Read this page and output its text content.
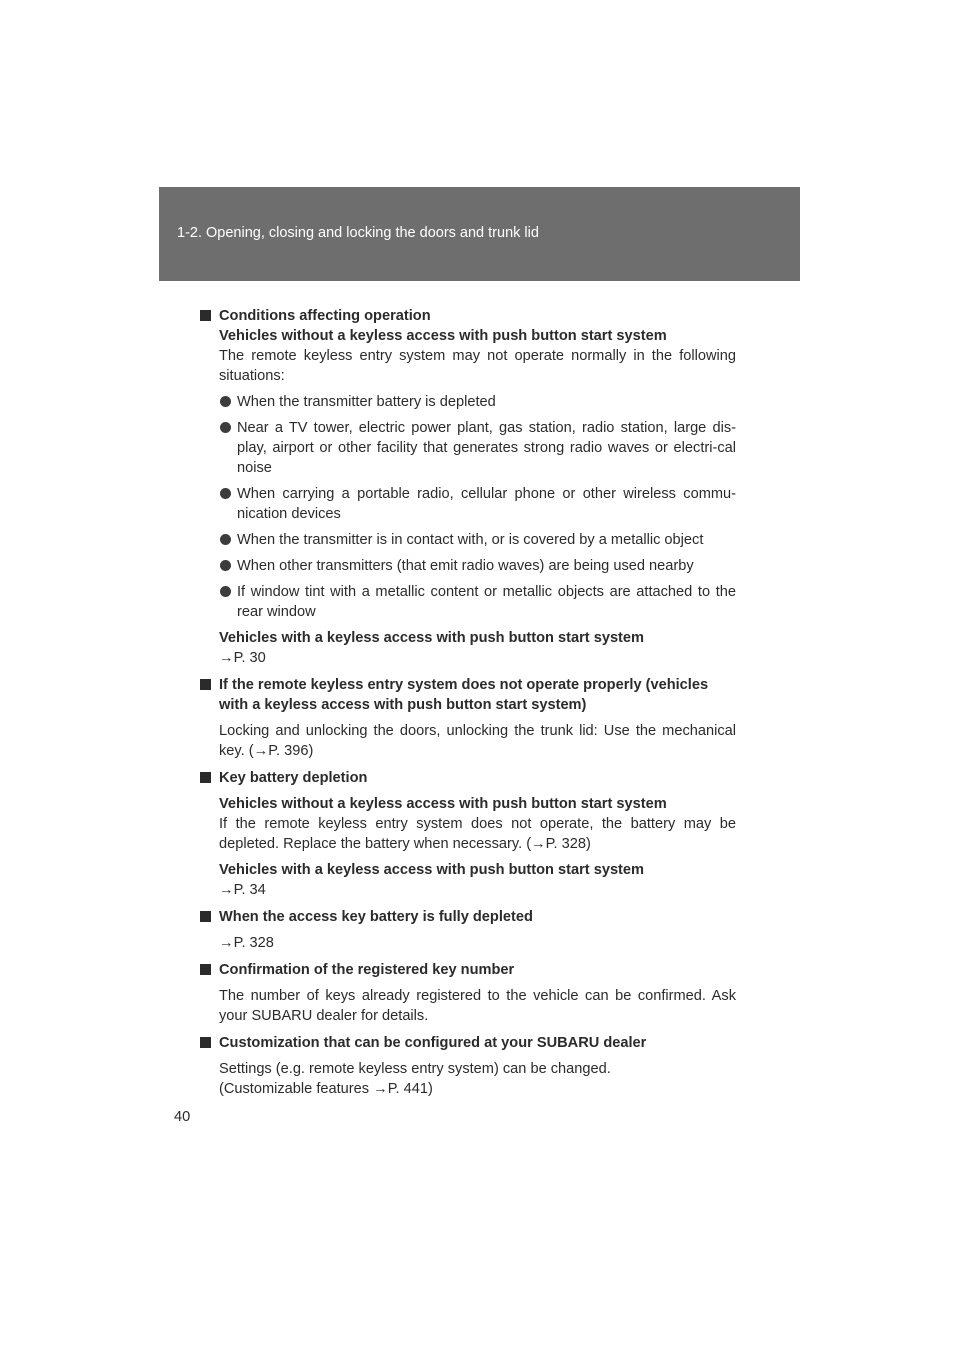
1-2. Opening, closing and locking the doors and trunk lid
Conditions affecting operation
Vehicles without a keyless access with push button start system
The remote keyless entry system may not operate normally in the following situations:
When the transmitter battery is depleted
Near a TV tower, electric power plant, gas station, radio station, large dis-play, airport or other facility that generates strong radio waves or electri-cal noise
When carrying a portable radio, cellular phone or other wireless commu-nication devices
When the transmitter is in contact with, or is covered by a metallic object
When other transmitters (that emit radio waves) are being used nearby
If window tint with a metallic content or metallic objects are attached to the rear window
Vehicles with a keyless access with push button start system
→P. 30
If the remote keyless entry system does not operate properly (vehicles with a keyless access with push button start system)
Locking and unlocking the doors, unlocking the trunk lid: Use the mechanical key. (→P. 396)
Key battery depletion
Vehicles without a keyless access with push button start system
If the remote keyless entry system does not operate, the battery may be depleted. Replace the battery when necessary. (→P. 328)
Vehicles with a keyless access with push button start system
→P. 34
When the access key battery is fully depleted
→P. 328
Confirmation of the registered key number
The number of keys already registered to the vehicle can be confirmed. Ask your SUBARU dealer for details.
Customization that can be configured at your SUBARU dealer
Settings (e.g. remote keyless entry system) can be changed.
(Customizable features →P. 441)
40
